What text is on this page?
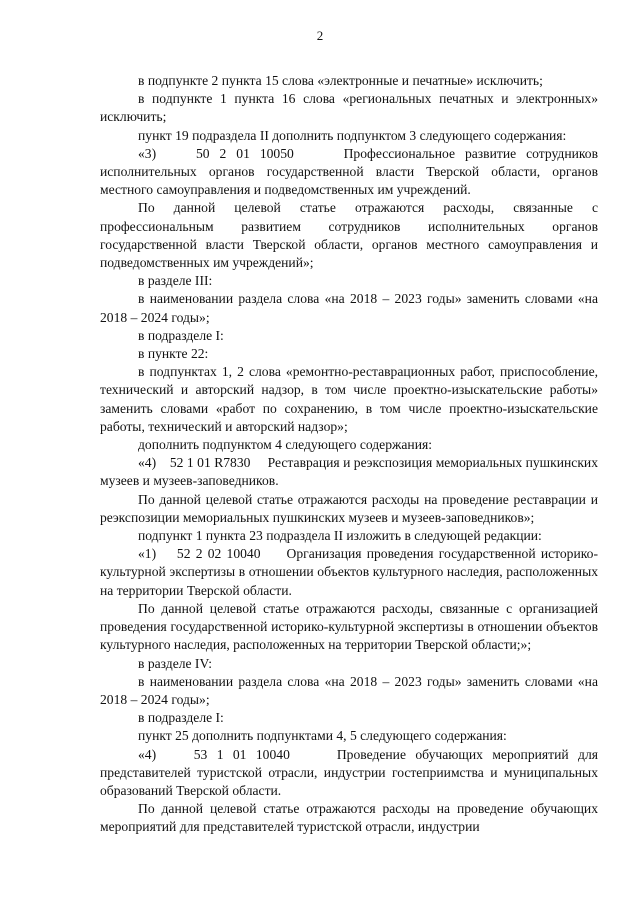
2

в подпункте 2 пункта 15 слова «электронные и печатные» исключить;

в подпункте 1 пункта 16 слова «региональных печатных и электронных» исключить;

пункт 19 подраздела II дополнить подпунктом 3 следующего содержания:

«3)    50 2 01 10050     Профессиональное развитие сотрудников исполнительных органов государственной власти Тверской области, органов местного самоуправления и подведомственных им учреждений.

По данной целевой статье отражаются расходы, связанные с профессиональным развитием сотрудников исполнительных органов государственной власти Тверской области, органов местного самоуправления и подведомственных им учреждений»;

в разделе III:

в наименовании раздела слова «на 2018 – 2023 годы» заменить словами «на 2018 – 2024 годы»;

в подразделе I:

в пункте 22:

в подпунктах 1, 2 слова «ремонтно-реставрационных работ, приспособление, технический и авторский надзор, в том числе проектно-изыскательские работы» заменить словами «работ по сохранению, в том числе проектно-изыскательские работы, технический и авторский надзор»;

дополнить подпунктом 4 следующего содержания:

«4)    52 1 01 R7830     Реставрация и реэкспозиция мемориальных пушкинских музеев и музеев-заповедников.

По данной целевой статье отражаются расходы на проведение реставрации и реэкспозиции мемориальных пушкинских музеев и музеев-заповедников»;

подпункт 1 пункта 23 подраздела II изложить в следующей редакции:

«1)    52 2 02 10040     Организация проведения государственной историко-культурной экспертизы в отношении объектов культурного наследия, расположенных на территории Тверской области.

По данной целевой статье отражаются расходы, связанные с организацией проведения государственной историко-культурной экспертизы в отношении объектов культурного наследия, расположенных на территории Тверской области;»;

в разделе IV:

в наименовании раздела слова «на 2018 – 2023 годы» заменить словами «на 2018 – 2024 годы»;

в подразделе I:

пункт 25 дополнить подпунктами 4, 5 следующего содержания:

«4)    53 1 01 10040     Проведение обучающих мероприятий для представителей туристской отрасли, индустрии гостеприимства и муниципальных образований Тверской области.

По данной целевой статье отражаются расходы на проведение обучающих мероприятий для представителей туристской отрасли, индустрии
